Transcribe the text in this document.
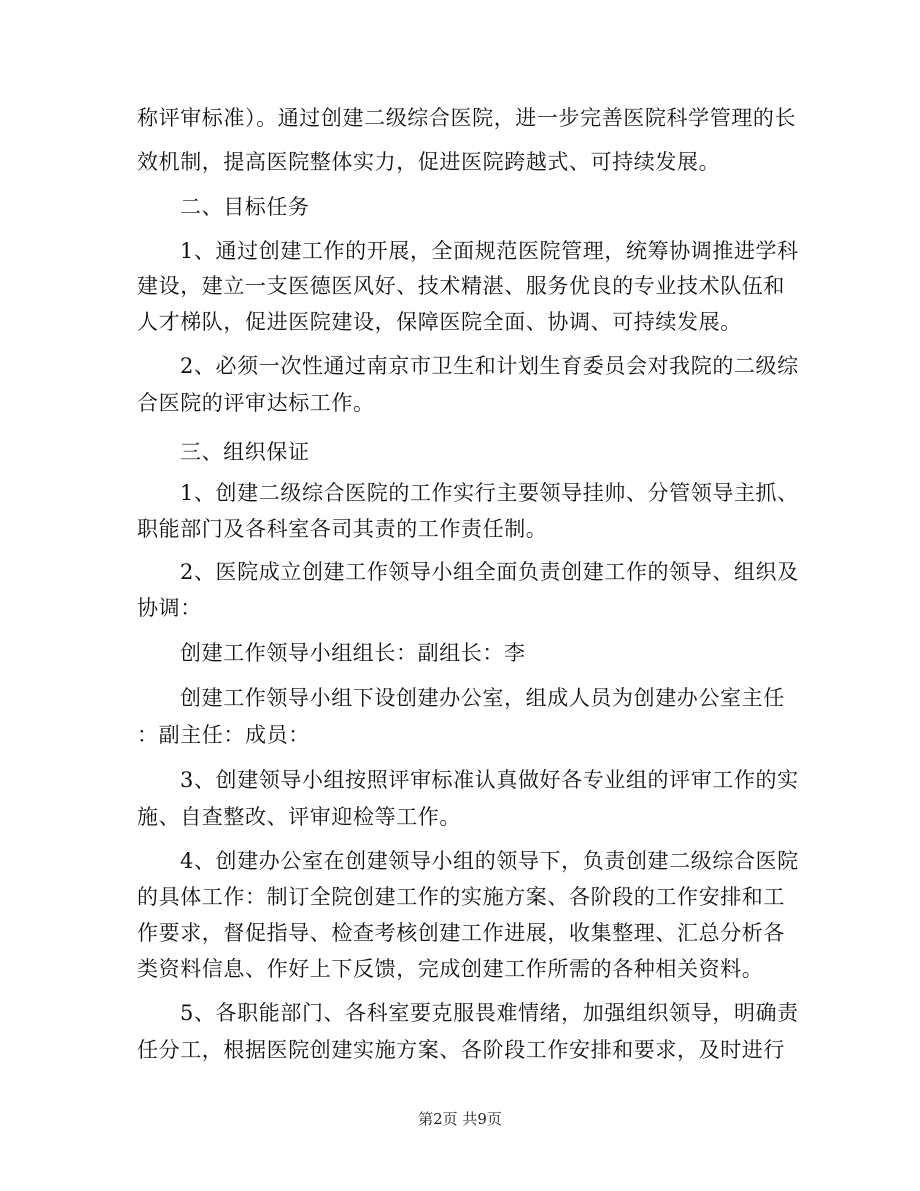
称评审标准）。通过创建二级综合医院，进一步完善医院科学管理的长
效机制，提高医院整体实力，促进医院跨越式、可持续发展。
二、目标任务
1、通过创建工作的开展，全面规范医院管理，统筹协调推进学科
建设，建立一支医德医风好、技术精湛、服务优良的专业技术队伍和
人才梯队，促进医院建设，保障医院全面、协调、可持续发展。
2、必须一次性通过南京市卫生和计划生育委员会对我院的二级综
合医院的评审达标工作。
三、组织保证
1、创建二级综合医院的工作实行主要领导挂帅、分管领导主抓、
职能部门及各科室各司其责的工作责任制。
2、医院成立创建工作领导小组全面负责创建工作的领导、组织及
协调：
创建工作领导小组组长：副组长：李
创建工作领导小组下设创建办公室，组成人员为创建办公室主任
：副主任：成员：
3、创建领导小组按照评审标准认真做好各专业组的评审工作的实
施、自查整改、评审迎检等工作。
4、创建办公室在创建领导小组的领导下，负责创建二级综合医院
的具体工作：制订全院创建工作的实施方案、各阶段的工作安排和工
作要求，督促指导、检查考核创建工作进展，收集整理、汇总分析各
类资料信息、作好上下反馈，完成创建工作所需的各种相关资料。
5、各职能部门、各科室要克服畏难情绪，加强组织领导，明确责
任分工，根据医院创建实施方案、各阶段工作安排和要求，及时进行
第2页 共9页
